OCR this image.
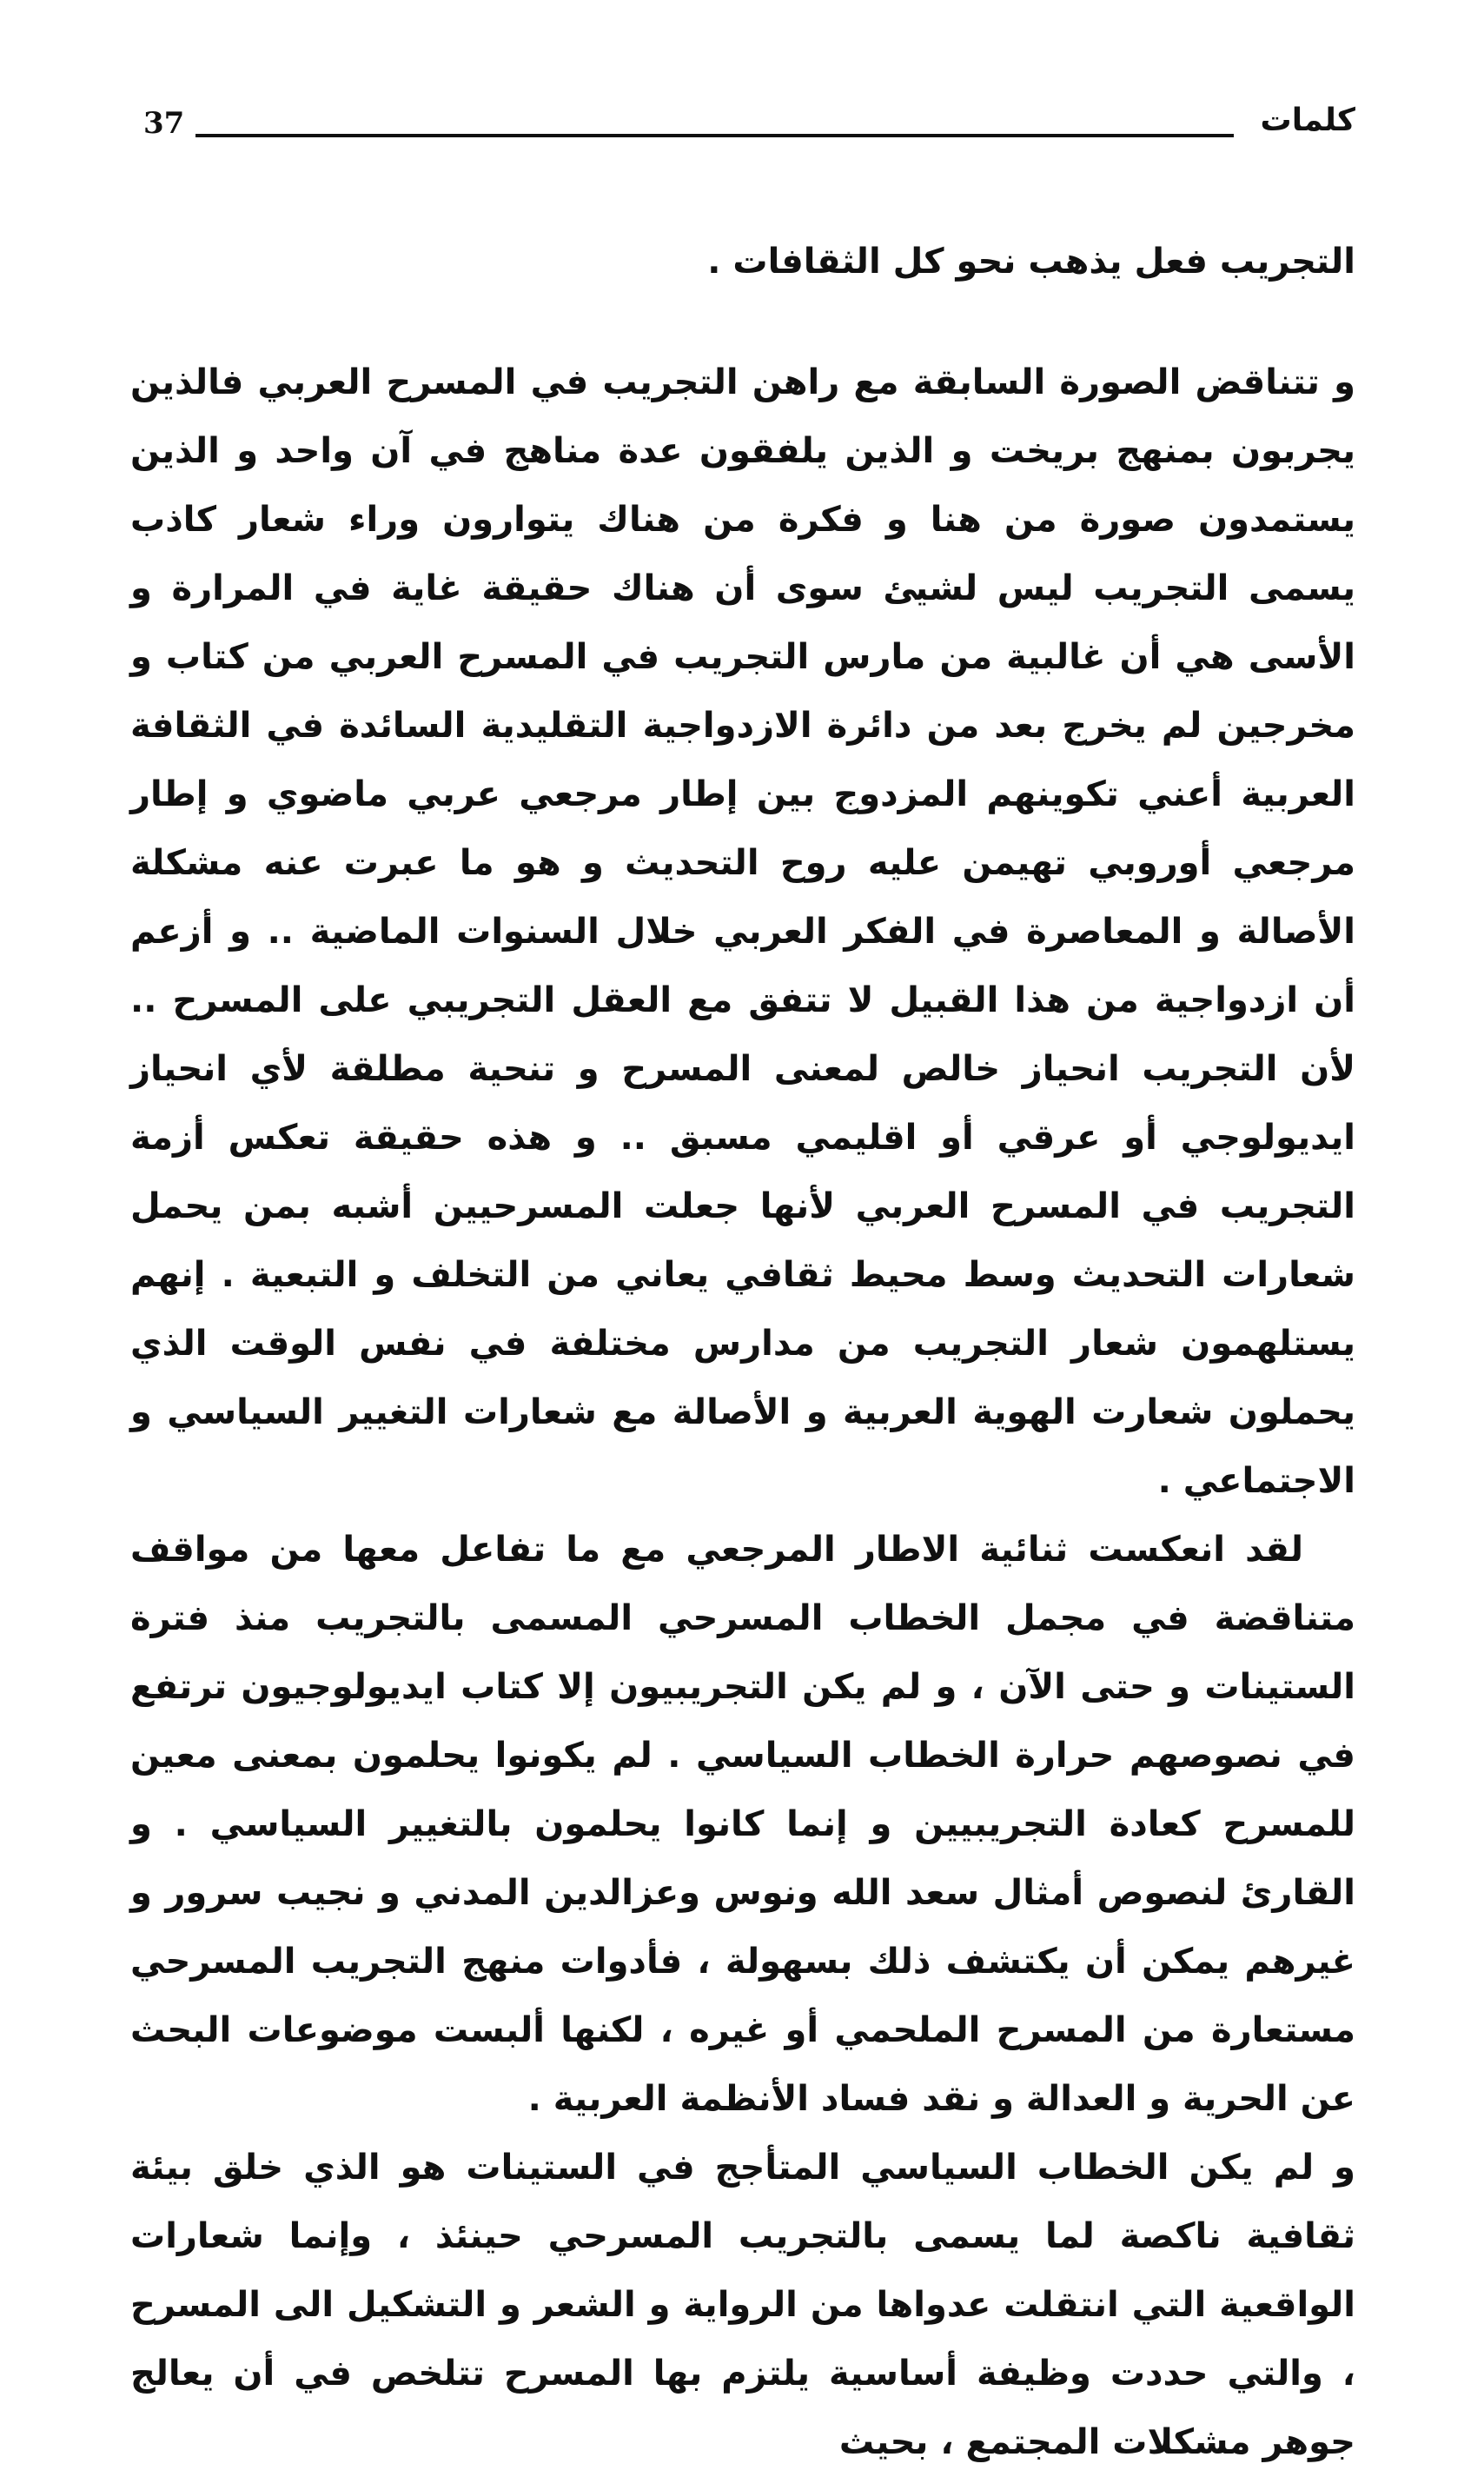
37	كلمات

التجريب فعل يذهب نحو كل الثقافات .

و تتناقض الصورة السابقة مع راهن التجريب في المسرح العربي فالذين يجربون بمنهج بريخت و الذين يلفقون عدة مناهج في آن واحد و الذين يستمدون صورة من هنا و فكرة من هناك يتوارون وراء شعار كاذب يسمى التجريب ليس لشيئ سوى أن هناك حقيقة غاية في المرارة و الأسى هي أن غالبية من مارس التجريب في المسرح العربي من كتاب و مخرجين لم يخرج بعد من دائرة الازدواجية التقليدية السائدة في الثقافة العربية أعني تكوينهم المزدوج بين إطار مرجعي عربي ماضوي و إطار مرجعي أوروبي تهيمن عليه روح التحديث و هو ما عبرت عنه مشكلة الأصالة و المعاصرة في الفكر العربي خلال السنوات الماضية .. و أزعم أن ازدواجية من هذا القبيل لا تتفق مع العقل التجريبي على المسرح .. لأن التجريب انحياز خالص لمعنى المسرح و تنحية مطلقة لأي انحياز ايديولوجي أو عرقي أو اقليمي مسبق .. و هذه حقيقة تعكس أزمة التجريب في المسرح العربي لأنها جعلت المسرحيين أشبه بمن يحمل شعارات التحديث وسط محيط ثقافي يعاني من التخلف و التبعية . إنهم يستلهمون شعار التجريب من مدارس مختلفة في نفس الوقت الذي يحملون شعارت الهوية العربية و الأصالة مع شعارات التغيير السياسي و الاجتماعي .

لقد انعكست ثنائية الاطار المرجعي مع ما تفاعل معها من مواقف متناقضة في مجمل الخطاب المسرحي المسمى بالتجريب منذ فترة الستينات و حتى الآن ، و لم يكن التجريبيون إلا كتاب ايديولوجيون ترتفع في نصوصهم حرارة الخطاب السياسي . لم يكونوا يحلمون بمعنى معين للمسرح كعادة التجريبيين و إنما كانوا يحلمون بالتغيير السياسي . و القارئ لنصوص أمثال سعد الله ونوس وعزالدين المدني و نجيب سرور و غيرهم يمكن أن يكتشف ذلك بسهولة ، فأدوات منهج التجريب المسرحي مستعارة من المسرح الملحمي أو غيره ، لكنها ألبست موضوعات البحث عن الحرية و العدالة و نقد فساد الأنظمة العربية .

و لم يكن الخطاب السياسي المتأجج في الستينات هو الذي خلق بيئة ثقافية ناكصة لما يسمى بالتجريب المسرحي حينئذ ، وإنما شعارات الواقعية التي انتقلت عدواها من الرواية و الشعر و التشكيل الى المسرح ، والتي حددت وظيفة أساسية يلتزم بها المسرح تتلخص في أن يعالج جوهر مشكلات المجتمع ، بحيث
